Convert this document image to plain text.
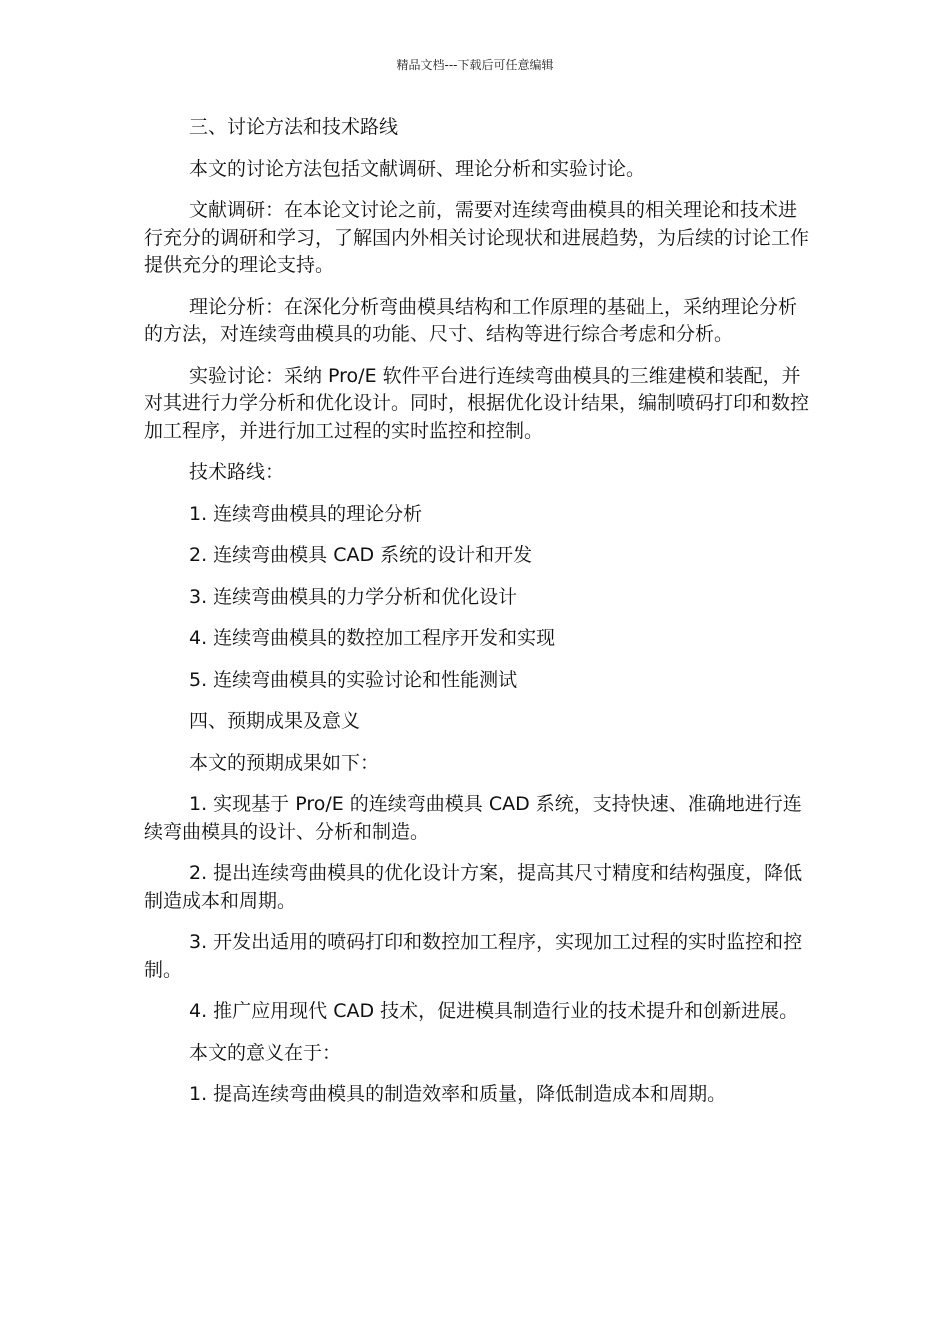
精品文档---下载后可任意编辑

三、讨论方法和技术路线

本文的讨论方法包括文献调研、理论分析和实验讨论。

文献调研：在本论文讨论之前，需要对连续弯曲模具的相关理论和技术进行充分的调研和学习，了解国内外相关讨论现状和进展趋势，为后续的讨论工作提供充分的理论支持。

理论分析：在深化分析弯曲模具结构和工作原理的基础上，采纳理论分析的方法，对连续弯曲模具的功能、尺寸、结构等进行综合考虑和分析。

实验讨论：采纳 Pro/E 软件平台进行连续弯曲模具的三维建模和装配，并对其进行力学分析和优化设计。同时，根据优化设计结果，编制喷码打印和数控加工程序，并进行加工过程的实时监控和控制。

技术路线：

1. 连续弯曲模具的理论分析

2. 连续弯曲模具 CAD 系统的设计和开发

3. 连续弯曲模具的力学分析和优化设计

4. 连续弯曲模具的数控加工程序开发和实现

5. 连续弯曲模具的实验讨论和性能测试

四、预期成果及意义

本文的预期成果如下：

1. 实现基于 Pro/E 的连续弯曲模具 CAD 系统，支持快速、准确地进行连续弯曲模具的设计、分析和制造。

2. 提出连续弯曲模具的优化设计方案，提高其尺寸精度和结构强度，降低制造成本和周期。

3. 开发出适用的喷码打印和数控加工程序，实现加工过程的实时监控和控制。

4. 推广应用现代 CAD 技术，促进模具制造行业的技术提升和创新进展。

本文的意义在于：

1. 提高连续弯曲模具的制造效率和质量，降低制造成本和周期。
